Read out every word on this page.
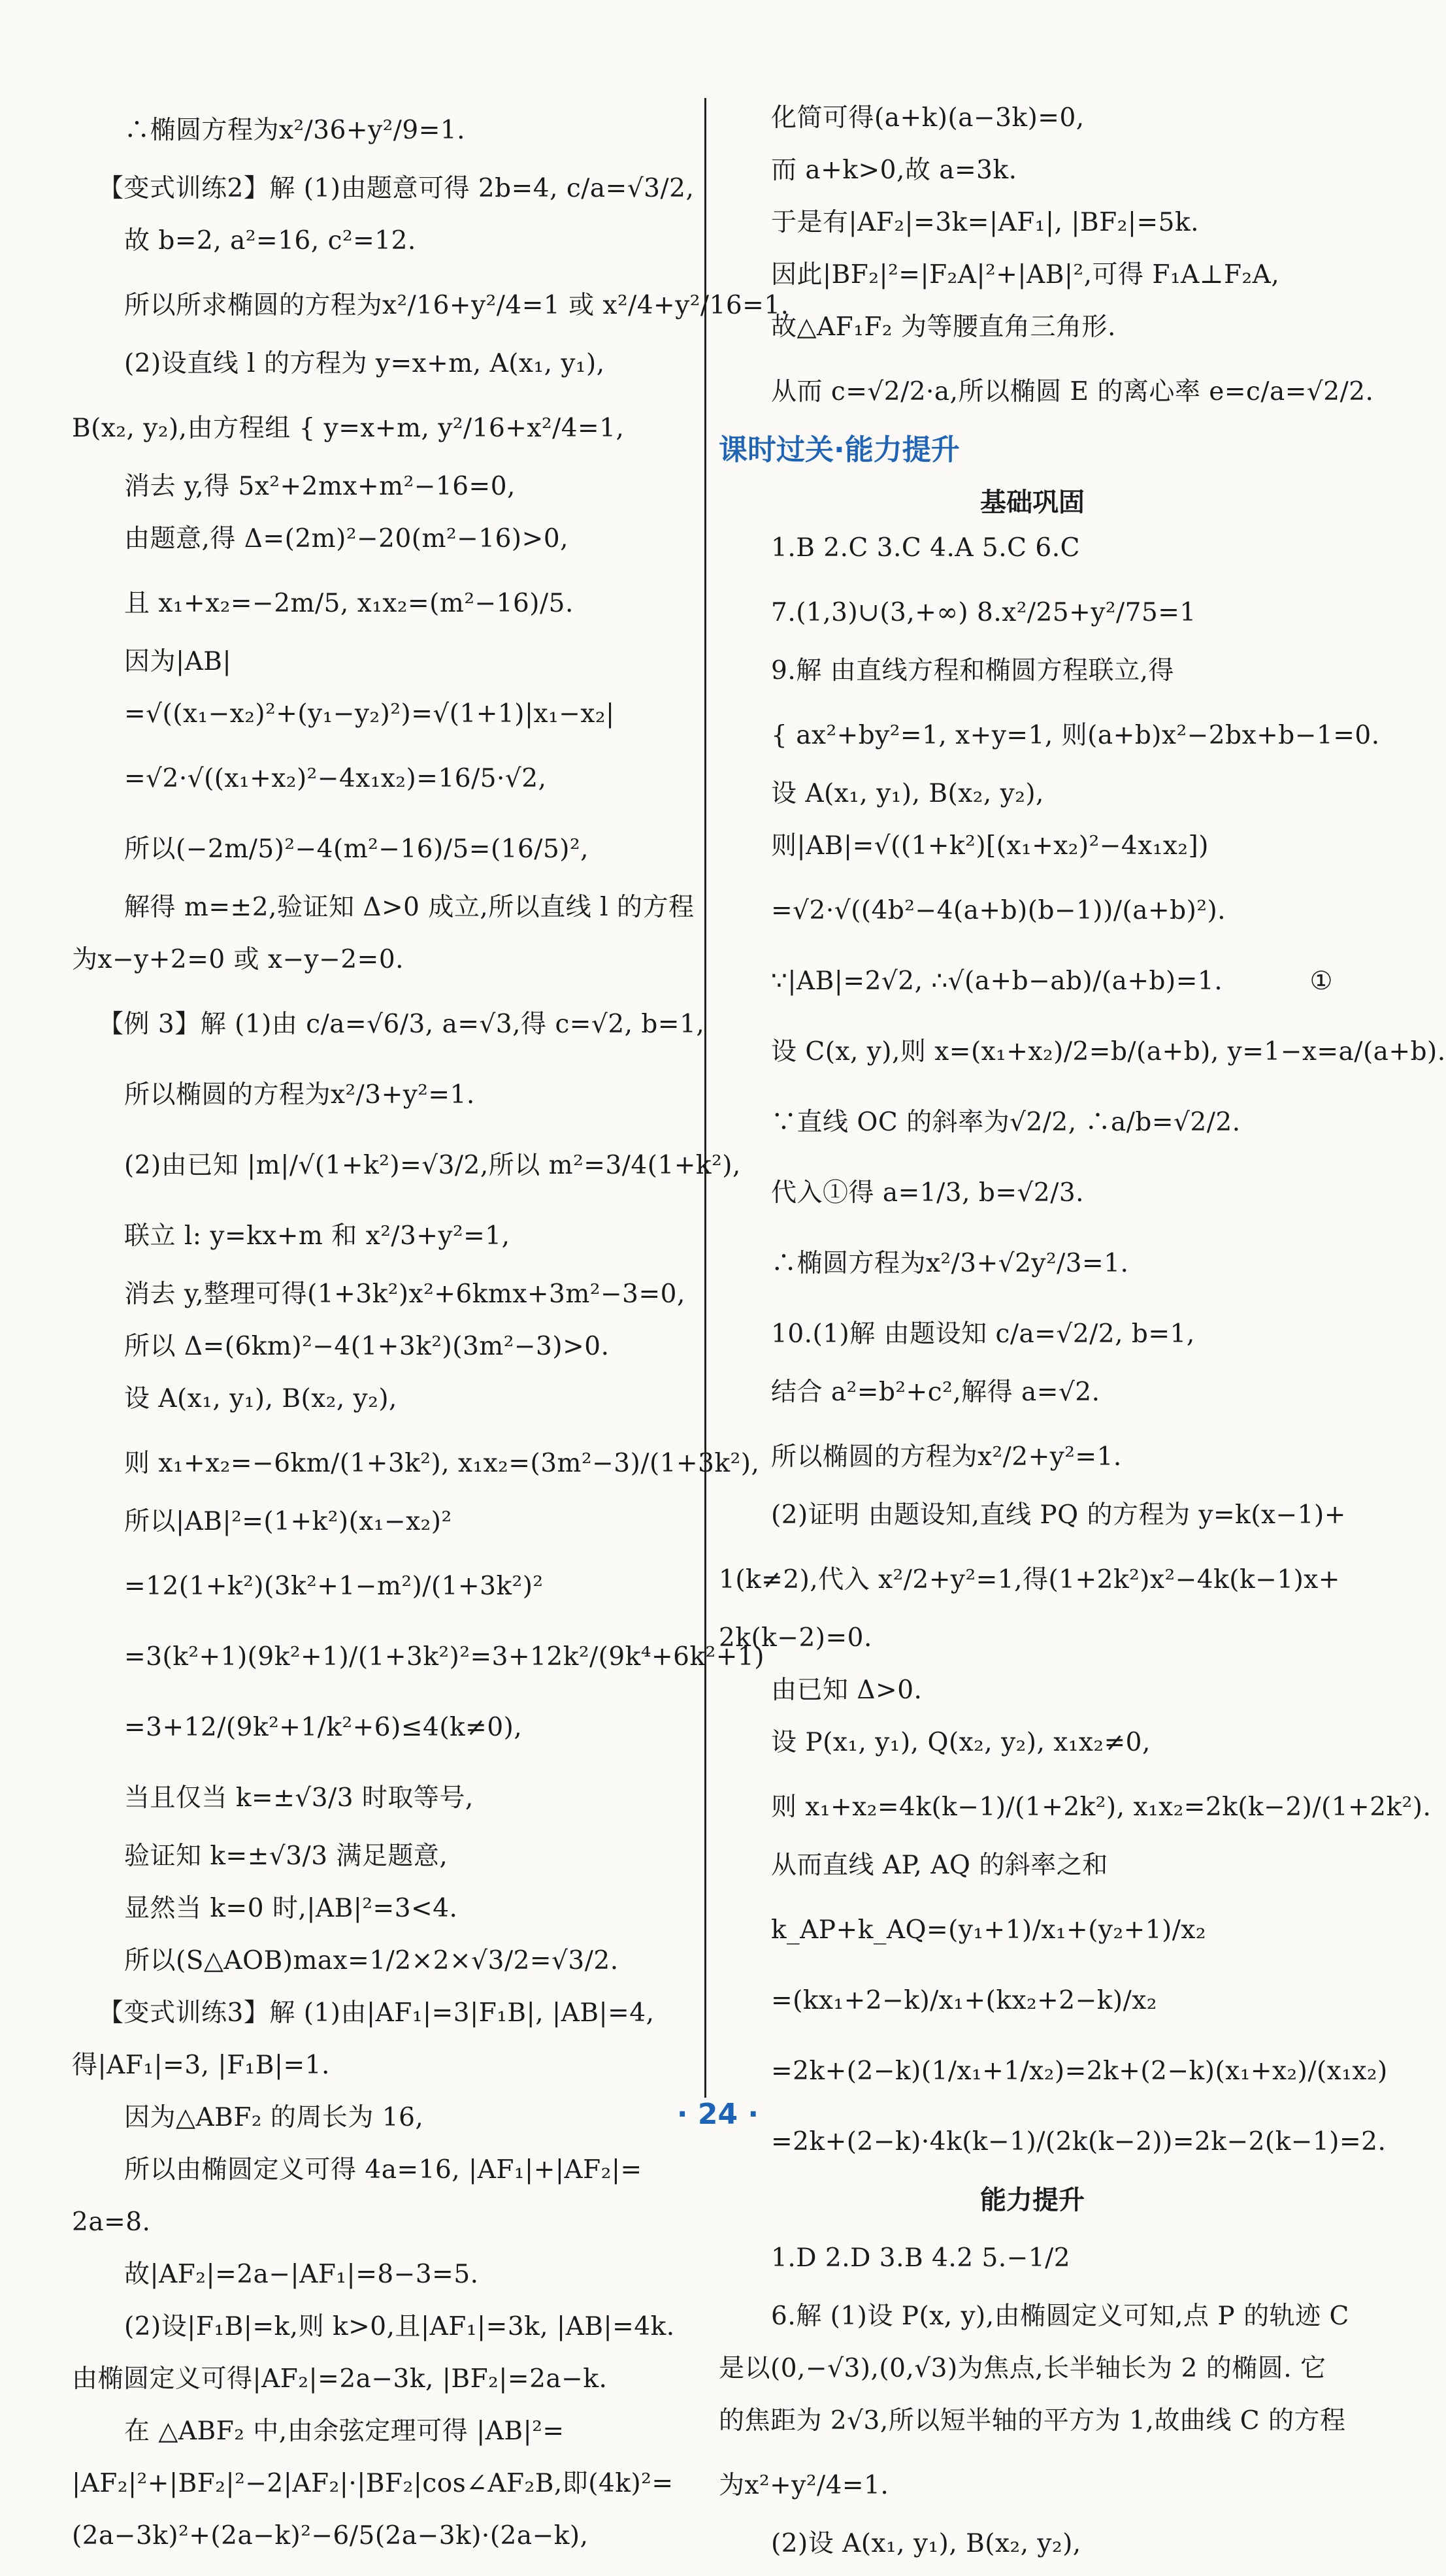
∴椭圆方程为x²/36+y²/9=1.
【变式训练2】解 (1)由题意可得 2b=4, c/a=√3/2,
故 b=2, a²=16, c²=12.
所以所求椭圆的方程为x²/16+y²/4=1 或 x²/4+y²/16=1.
(2)设直线 l 的方程为 y=x+m, A(x₁, y₁),
B(x₂, y₂),由方程组 { y=x+m, y²/16+x²/4=1,
消去 y,得 5x²+2mx+m²−16=0,
由题意,得 Δ=(2m)²−20(m²−16)>0,
且 x₁+x₂=−2m/5, x₁x₂=(m²−16)/5.
因为|AB|
=√((x₁−x₂)²+(y₁−y₂)²)=√(1+1)|x₁−x₂|
=√2·√((x₁+x₂)²−4x₁x₂)=16/5·√2,
所以(−2m/5)²−4(m²−16)/5=(16/5)²,
解得 m=±2,验证知 Δ>0 成立,所以直线 l 的方程
为x−y+2=0 或 x−y−2=0.
【例 3】解 (1)由 c/a=√6/3, a=√3,得 c=√2, b=1,
所以椭圆的方程为x²/3+y²=1.
(2)由已知 |m|/√(1+k²)=√3/2,所以 m²=3/4(1+k²),
联立 l: y=kx+m 和 x²/3+y²=1,
消去 y,整理可得(1+3k²)x²+6kmx+3m²−3=0,
所以 Δ=(6km)²−4(1+3k²)(3m²−3)>0.
设 A(x₁, y₁), B(x₂, y₂),
则 x₁+x₂=−6km/(1+3k²), x₁x₂=(3m²−3)/(1+3k²),
所以|AB|²=(1+k²)(x₁−x₂)²
=12(1+k²)(3k²+1−m²)/(1+3k²)²
=3(k²+1)(9k²+1)/(1+3k²)²=3+12k²/(9k⁴+6k²+1)
=3+12/(9k²+1/k²+6)≤4(k≠0),
当且仅当 k=±√3/3 时取等号,
验证知 k=±√3/3 满足题意,
显然当 k=0 时,|AB|²=3<4.
所以(S△AOB)max=1/2×2×√3/2=√3/2.
【变式训练3】解 (1)由|AF₁|=3|F₁B|, |AB|=4,
得|AF₁|=3, |F₁B|=1.
因为△ABF₂ 的周长为 16,
所以由椭圆定义可得 4a=16, |AF₁|+|AF₂|=
2a=8.
故|AF₂|=2a−|AF₁|=8−3=5.
(2)设|F₁B|=k,则 k>0,且|AF₁|=3k, |AB|=4k.
由椭圆定义可得|AF₂|=2a−3k, |BF₂|=2a−k.
在 △ABF₂ 中,由余弦定理可得 |AB|²=
|AF₂|²+|BF₂|²−2|AF₂|·|BF₂|cos∠AF₂B,即(4k)²=
(2a−3k)²+(2a−k)²−6/5(2a−3k)·(2a−k),
化简可得(a+k)(a−3k)=0,
而 a+k>0,故 a=3k.
于是有|AF₂|=3k=|AF₁|, |BF₂|=5k.
因此|BF₂|²=|F₂A|²+|AB|²,可得 F₁A⊥F₂A,
故△AF₁F₂ 为等腰直角三角形.
从而 c=√2/2·a,所以椭圆 E 的离心率 e=c/a=√2/2.
课时过关·能力提升
基础巩固
1.B 2.C 3.C 4.A 5.C 6.C
7.(1,3)∪(3,+∞) 8.x²/25+y²/75=1
9.解 由直线方程和椭圆方程联立,得
{ ax²+by²=1, x+y=1, 则(a+b)x²−2bx+b−1=0.
设 A(x₁, y₁), B(x₂, y₂),
则|AB|=√((1+k²)[(x₁+x₂)²−4x₁x₂])
=√2·√((4b²−4(a+b)(b−1))/(a+b)²).
∵|AB|=2√2, ∴√(a+b−ab)/(a+b)=1.	①
设 C(x, y),则 x=(x₁+x₂)/2=b/(a+b), y=1−x=a/(a+b).
∵直线 OC 的斜率为√2/2, ∴a/b=√2/2.
代入①得 a=1/3, b=√2/3.
∴椭圆方程为x²/3+√2y²/3=1.
10.(1)解 由题设知 c/a=√2/2, b=1,
结合 a²=b²+c²,解得 a=√2.
所以椭圆的方程为x²/2+y²=1.
(2)证明 由题设知,直线 PQ 的方程为 y=k(x−1)+
1(k≠2),代入 x²/2+y²=1,得(1+2k²)x²−4k(k−1)x+
2k(k−2)=0.
由已知 Δ>0.
设 P(x₁, y₁), Q(x₂, y₂), x₁x₂≠0,
则 x₁+x₂=4k(k−1)/(1+2k²), x₁x₂=2k(k−2)/(1+2k²).
从而直线 AP, AQ 的斜率之和
k_AP+k_AQ=(y₁+1)/x₁+(y₂+1)/x₂
=(kx₁+2−k)/x₁+(kx₂+2−k)/x₂
=2k+(2−k)(1/x₁+1/x₂)=2k+(2−k)(x₁+x₂)/(x₁x₂)
=2k+(2−k)·4k(k−1)/(2k(k−2))=2k−2(k−1)=2.
能力提升
1.D 2.D 3.B 4.2 5.−1/2
6.解 (1)设 P(x, y),由椭圆定义可知,点 P 的轨迹 C
是以(0,−√3),(0,√3)为焦点,长半轴长为 2 的椭圆. 它
的焦距为 2√3,所以短半轴的平方为 1,故曲线 C 的方程
为x²+y²/4=1.
(2)设 A(x₁, y₁), B(x₂, y₂),
· 24 ·
